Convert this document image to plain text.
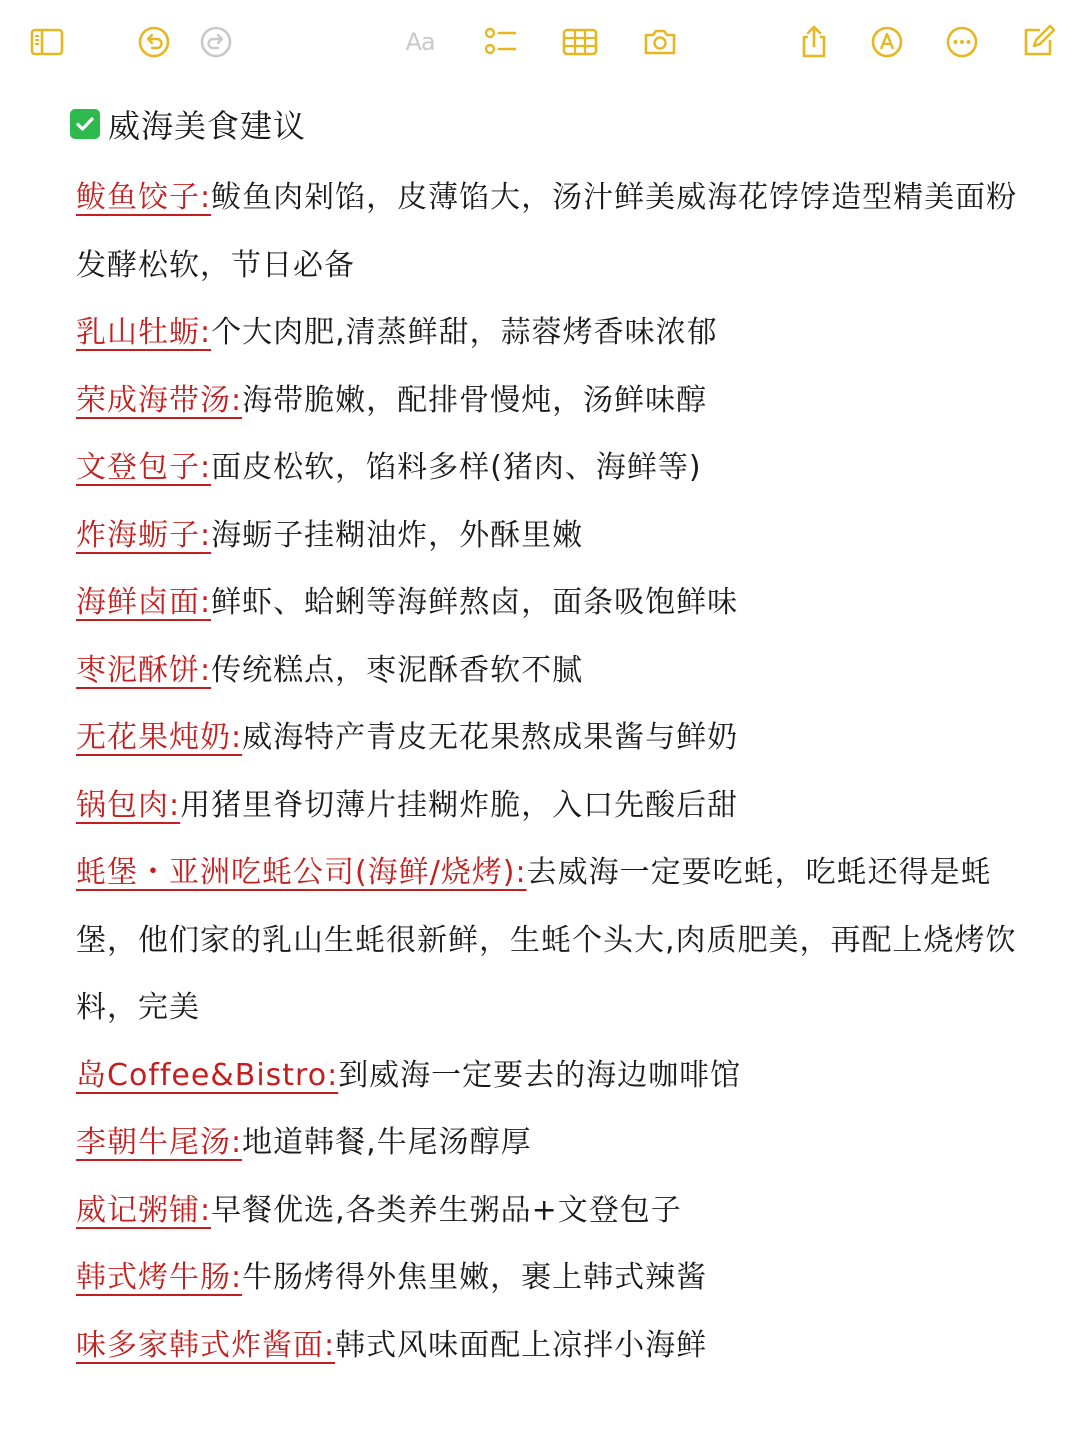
Aa
威海美食建议
鲅鱼饺子:鲅鱼肉剁馅，皮薄馅大，汤汁鲜美威海花饽饽造型精美面粉发酵松软，节日必备
乳山牡蛎:个大肉肥,清蒸鲜甜，蒜蓉烤香味浓郁
荣成海带汤:海带脆嫩，配排骨慢炖，汤鲜味醇
文登包子:面皮松软，馅料多样(猪肉、海鲜等)
炸海蛎子:海蛎子挂糊油炸，外酥里嫩
海鲜卤面:鲜虾、蛤蜊等海鲜熬卤，面条吸饱鲜味
枣泥酥饼:传统糕点，枣泥酥香软不腻
无花果炖奶:威海特产青皮无花果熬成果酱与鲜奶
锅包肉:用猪里脊切薄片挂糊炸脆，入口先酸后甜
蚝堡・亚洲吃蚝公司(海鲜/烧烤):去威海一定要吃蚝，吃蚝还得是蚝堡，他们家的乳山生蚝很新鲜，生蚝个头大,肉质肥美，再配上烧烤饮料，完美
岛Coffee&Bistro:到威海一定要去的海边咖啡馆
李朝牛尾汤:地道韩餐,牛尾汤醇厚
威记粥铺:早餐优选,各类养生粥品+文登包子
韩式烤牛肠:牛肠烤得外焦里嫩，裹上韩式辣酱
味多家韩式炸酱面:韩式风味面配上凉拌小海鲜
